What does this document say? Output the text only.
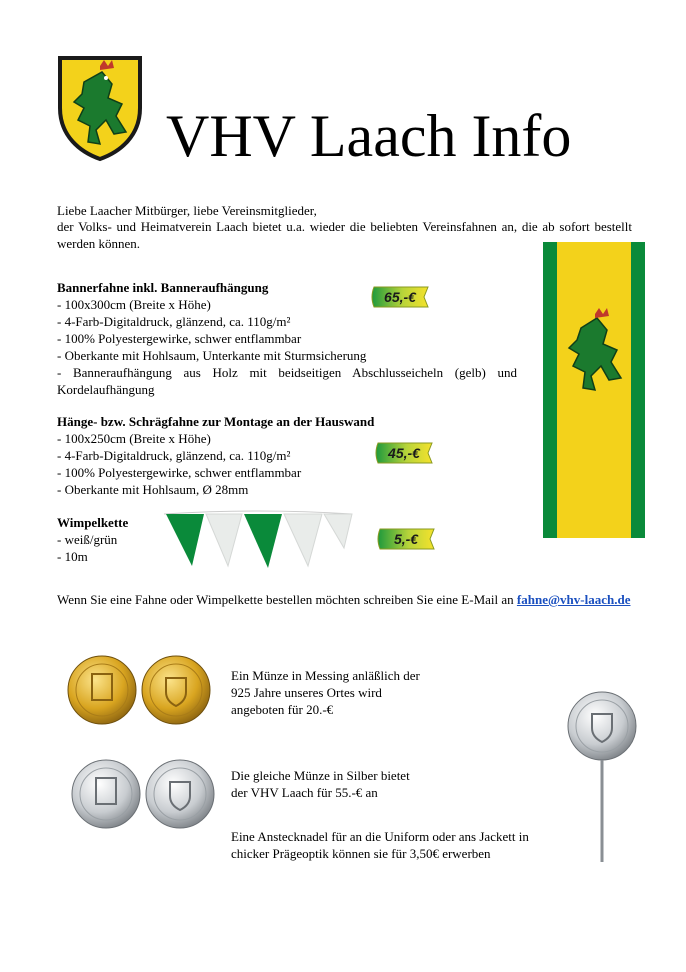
VHV Laach Info
Liebe Laacher Mitbürger, liebe Vereinsmitglieder,
der Volks- und Heimatverein Laach bietet u.a. wieder die beliebten Vereinsfahnen an, die ab sofort bestellt werden können.
Bannerfahne inkl. Banneraufhängung
- 100x300cm (Breite x Höhe)
- 4-Farb-Digitaldruck, glänzend, ca. 110g/m²
- 100% Polyestergewirke, schwer entflammbar
- Oberkante mit Hohlsaum, Unterkante mit Sturmsicherung
- Bannerаufhängung aus Holz mit beidseitigen Abschlusseicheln (gelb) und Kordelaufhängung
Hänge- bzw. Schrägfahne zur Montage an der Hauswand
- 100x250cm (Breite x Höhe)
- 4-Farb-Digitaldruck, glänzend, ca. 110g/m²
- 100% Polyestergewirke, schwer entflammbar
- Oberkante mit Hohlsaum, Ø 28mm
Wimpelkette
- weiß/grün
- 10m
65,-€
45,-€
5,-€
Wenn Sie eine Fahne oder Wimpelkette bestellen möchten schreiben Sie eine E-Mail an fahne@vhv-laach.de
Ein Münze in Messing anläßlich der
925 Jahre unseres Ortes wird
angeboten für 20.-€
Die gleiche Münze in Silber bietet
der VHV Laach für 55.-€ an
Eine Anstecknadel für an die Uniform oder ans Jackett in
chicker Prägeoptik können sie für 3,50€ erwerben
